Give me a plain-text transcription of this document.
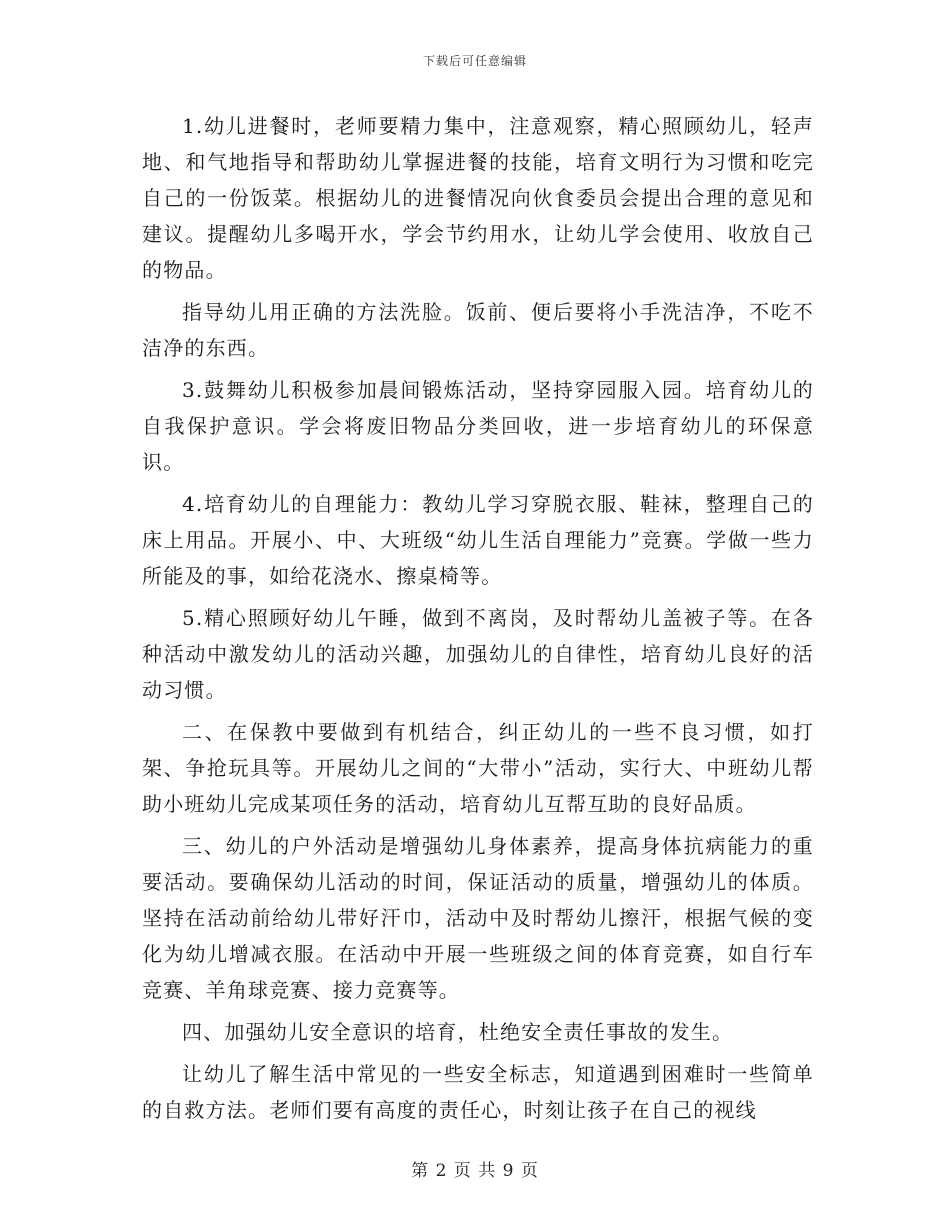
下载后可任意编辑

1.幼儿进餐时，老师要精力集中，注意观察，精心照顾幼儿，轻声地、和气地指导和帮助幼儿掌握进餐的技能，培育文明行为习惯和吃完自己的一份饭菜。根据幼儿的进餐情况向伙食委员会提出合理的意见和建议。提醒幼儿多喝开水，学会节约用水，让幼儿学会使用、收放自己的物品。

指导幼儿用正确的方法洗脸。饭前、便后要将小手洗洁净，不吃不洁净的东西。

3.鼓舞幼儿积极参加晨间锻炼活动，坚持穿园服入园。培育幼儿的自我保护意识。学会将废旧物品分类回收，进一步培育幼儿的环保意识。

4.培育幼儿的自理能力：教幼儿学习穿脱衣服、鞋袜，整理自己的床上用品。开展小、中、大班级“幼儿生活自理能力”竞赛。学做一些力所能及的事，如给花浇水、擦桌椅等。

5.精心照顾好幼儿午睡，做到不离岗，及时帮幼儿盖被子等。在各种活动中激发幼儿的活动兴趣，加强幼儿的自律性，培育幼儿良好的活动习惯。

二、在保教中要做到有机结合，纠正幼儿的一些不良习惯，如打架、争抢玩具等。开展幼儿之间的“大带小”活动，实行大、中班幼儿帮助小班幼儿完成某项任务的活动，培育幼儿互帮互助的良好品质。

三、幼儿的户外活动是增强幼儿身体素养，提高身体抗病能力的重要活动。要确保幼儿活动的时间，保证活动的质量，增强幼儿的体质。坚持在活动前给幼儿带好汗巾，活动中及时帮幼儿擦汗，根据气候的变化为幼儿增减衣服。在活动中开展一些班级之间的体育竞赛，如自行车竞赛、羊角球竞赛、接力竞赛等。

四、加强幼儿安全意识的培育，杜绝安全责任事故的发生。

让幼儿了解生活中常见的一些安全标志，知道遇到困难时一些简单的自救方法。老师们要有高度的责任心，时刻让孩子在自己的视线

第 2 页 共 9 页
